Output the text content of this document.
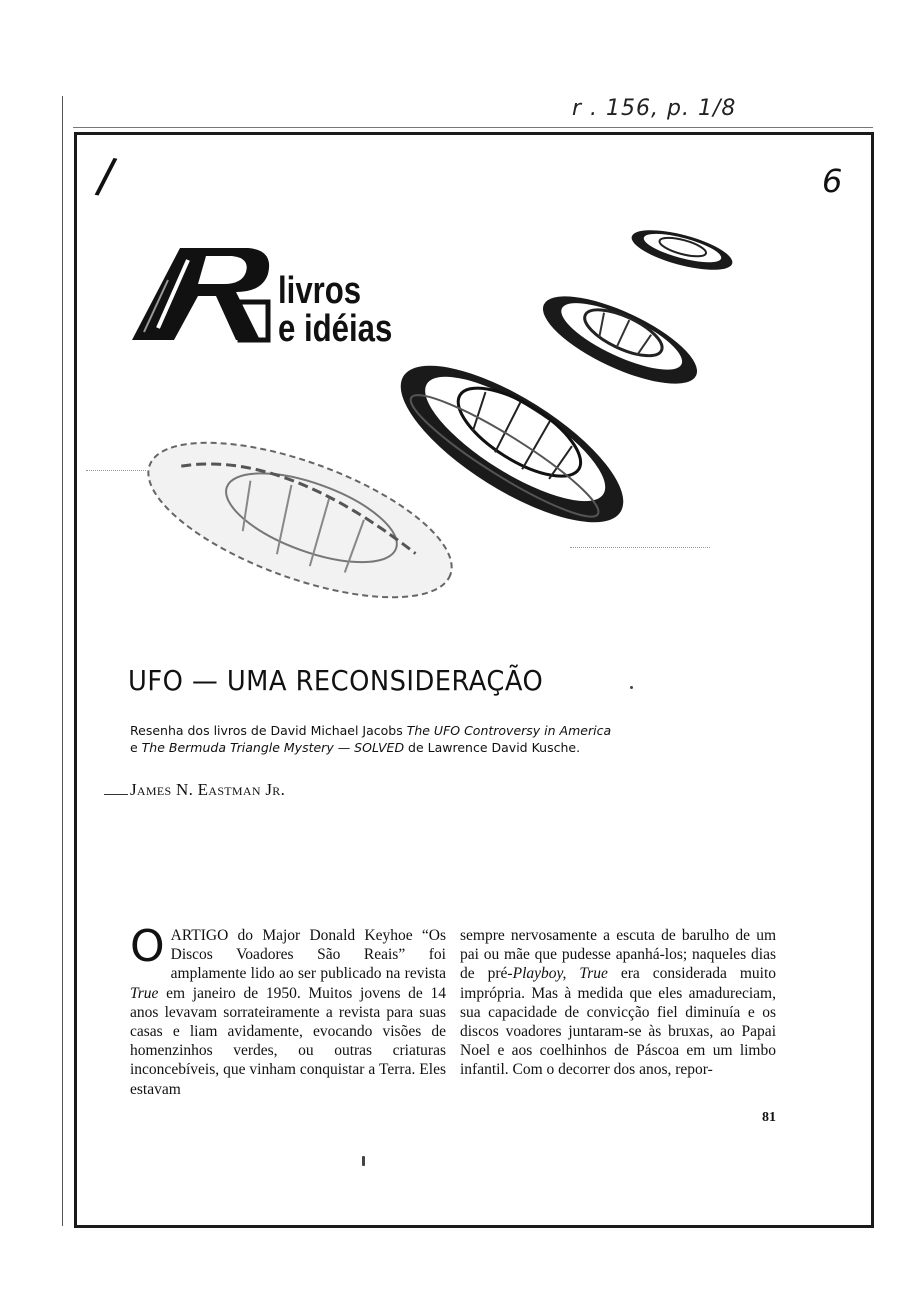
r . 156, p. 1/8
/	6
livros
e idéias
UFO — UMA RECONSIDERAÇÃO
Resenha dos livros de David Michael Jacobs The UFO Controversy in America
e The Bermuda Triangle Mystery — SOLVED de Lawrence David Kusche.
James N. Eastman Jr.

O ARTIGO do Major Donald Keyhoe “Os Discos Voadores São Reais” foi amplamente lido ao ser publicado na revista True em janeiro de 1950. Muitos jovens de 14 anos levavam sorrateiramente a revista para suas casas e liam avidamente, evocando visões de homenzinhos verdes, ou outras criaturas inconcebíveis, que vinham conquistar a Terra. Eles estavam

sempre nervosamente a escuta de barulho de um pai ou mãe que pudesse apanhá-los; naqueles dias de pré-Playboy, True era considerada muito imprópria. Mas à medida que eles amadureciam, sua capacidade de convicção fiel diminuía e os discos voadores juntaram-se às bruxas, ao Papai Noel e aos coelhinhos de Páscoa em um limbo infantil. Com o decorrer dos anos, repor-

81
